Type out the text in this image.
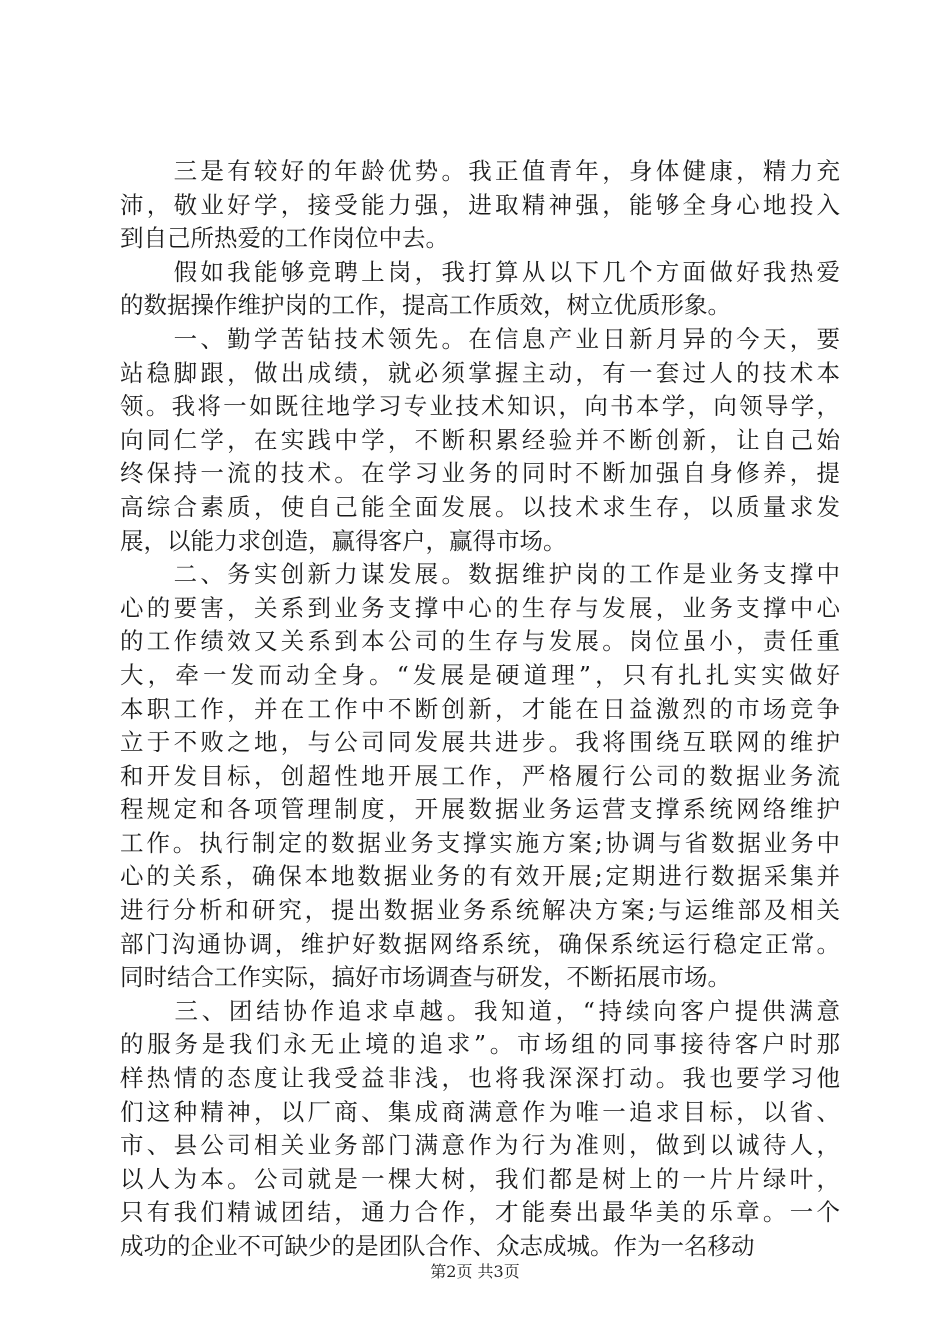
　　三是有较好的年龄优势。我正值青年，身体健康，精力充
沛，敬业好学，接受能力强，进取精神强，能够全身心地投入
到自己所热爱的工作岗位中去。
　　假如我能够竞聘上岗，我打算从以下几个方面做好我热爱
的数据操作维护岗的工作，提高工作质效，树立优质形象。
　　一、勤学苦钻技术领先。在信息产业日新月异的今天，要
站稳脚跟，做出成绩，就必须掌握主动，有一套过人的技术本
领。我将一如既往地学习专业技术知识，向书本学，向领导学，
向同仁学，在实践中学，不断积累经验并不断创新，让自己始
终保持一流的技术。在学习业务的同时不断加强自身修养，提
高综合素质，使自己能全面发展。以技术求生存，以质量求发
展，以能力求创造，赢得客户，赢得市场。
　　二、务实创新力谋发展。数据维护岗的工作是业务支撑中
心的要害，关系到业务支撑中心的生存与发展，业务支撑中心
的工作绩效又关系到本公司的生存与发展。岗位虽小，责任重
大，牵一发而动全身。“发展是硬道理”，只有扎扎实实做好
本职工作，并在工作中不断创新，才能在日益激烈的市场竞争
立于不败之地，与公司同发展共进步。我将围绕互联网的维护
和开发目标，创超性地开展工作，严格履行公司的数据业务流
程规定和各项管理制度，开展数据业务运营支撑系统网络维护
工作。执行制定的数据业务支撑实施方案;协调与省数据业务中
心的关系，确保本地数据业务的有效开展;定期进行数据采集并
进行分析和研究，提出数据业务系统解决方案;与运维部及相关
部门沟通协调，维护好数据网络系统，确保系统运行稳定正常。
同时结合工作实际，搞好市场调查与研发，不断拓展市场。
　　三、团结协作追求卓越。我知道，“持续向客户提供满意
的服务是我们永无止境的追求”。市场组的同事接待客户时那
样热情的态度让我受益非浅，也将我深深打动。我也要学习他
们这种精神，以厂商、集成商满意作为唯一追求目标，以省、
市、县公司相关业务部门满意作为行为准则，做到以诚待人，
以人为本。公司就是一棵大树，我们都是树上的一片片绿叶，
只有我们精诚团结，通力合作，才能奏出最华美的乐章。一个
成功的企业不可缺少的是团队合作、众志成城。作为一名移动
第2页 共3页
